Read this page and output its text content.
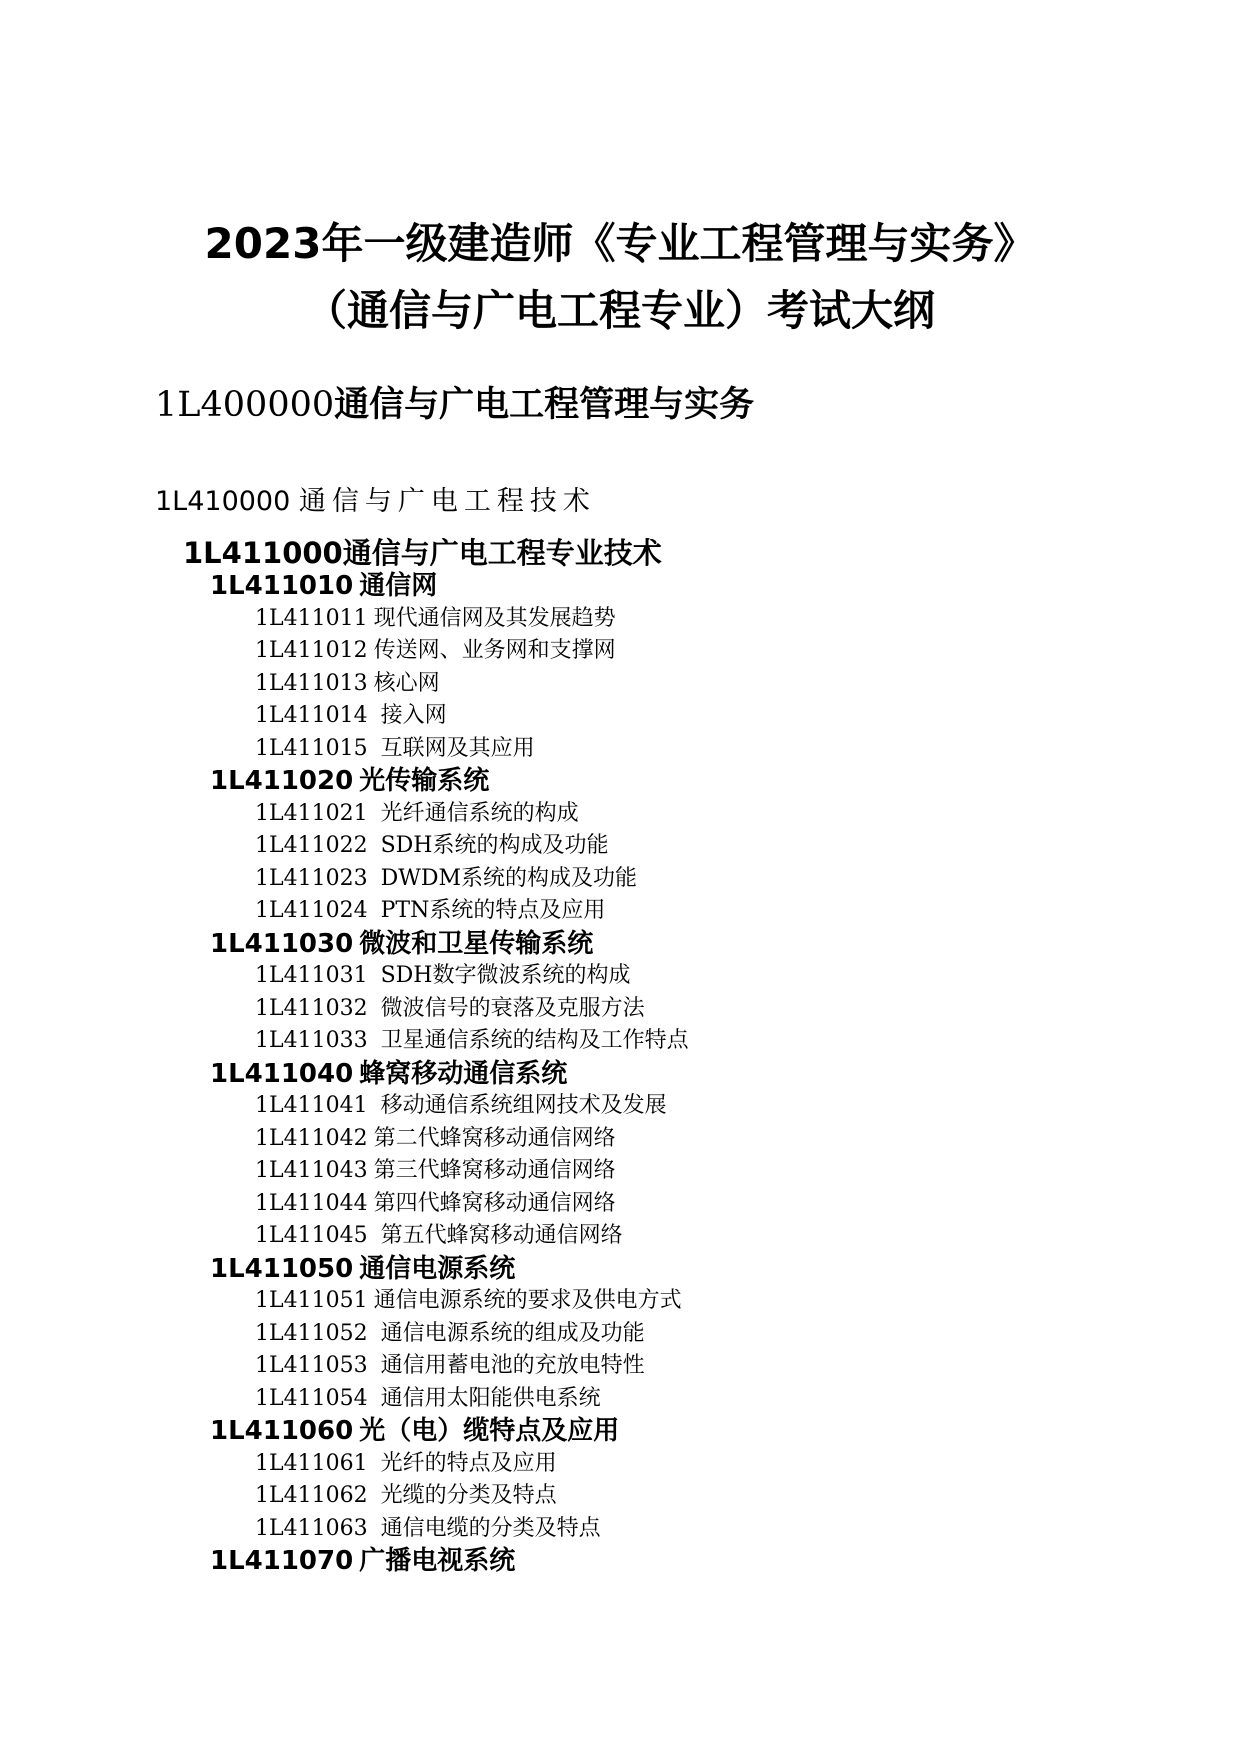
2023年一级建造师《专业工程管理与实务》
（通信与广电工程专业）考试大纲
1L400000通信与广电工程管理与实务
1L410000 通信与广电工程技术
1L411000通信与广电工程专业技术
1L411010 通信网
1L411011 现代通信网及其发展趋势
1L411012 传送网、业务网和支撑网
1L411013 核心网
1L411014 接入网
1L411015 互联网及其应用
1L411020 光传输系统
1L411021 光纤通信系统的构成
1L411022 SDH系统的构成及功能
1L411023 DWDM系统的构成及功能
1L411024 PTN系统的特点及应用
1L411030 微波和卫星传输系统
1L411031 SDH数字微波系统的构成
1L411032 微波信号的衰落及克服方法
1L411033 卫星通信系统的结构及工作特点
1L411040 蜂窝移动通信系统
1L411041 移动通信系统组网技术及发展
1L411042 第二代蜂窝移动通信网络
1L411043 第三代蜂窝移动通信网络
1L411044 第四代蜂窝移动通信网络
1L411045 第五代蜂窝移动通信网络
1L411050 通信电源系统
1L411051 通信电源系统的要求及供电方式
1L411052 通信电源系统的组成及功能
1L411053 通信用蓄电池的充放电特性
1L411054 通信用太阳能供电系统
1L411060 光（电）缆特点及应用
1L411061 光纤的特点及应用
1L411062 光缆的分类及特点
1L411063 通信电缆的分类及特点
1L411070 广播电视系统
